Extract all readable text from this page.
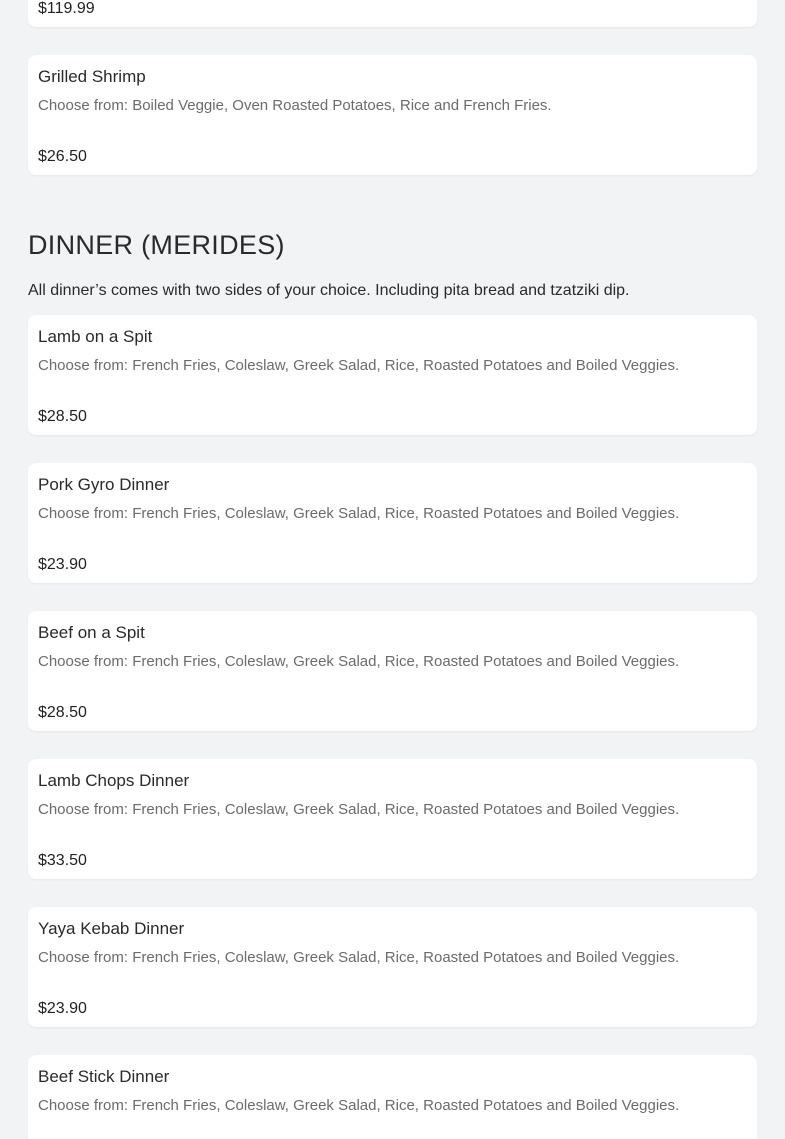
$119.99
Grilled Shrimp
Choose from: Boiled Veggie, Oven Roasted Potatoes, Rice and French Fries.
$26.50
DINNER (MERIDES)
All dinner’s comes with two sides of your choice. Including pita bread and tzatziki dip.
Lamb on a Spit
Choose from: French Fries, Coleslaw, Greek Salad, Rice, Roasted Potatoes and Boiled Veggies.
$28.50
Pork Gyro Dinner
Choose from: French Fries, Coleslaw, Greek Salad, Rice, Roasted Potatoes and Boiled Veggies.
$23.90
Beef on a Spit
Choose from: French Fries, Coleslaw, Greek Salad, Rice, Roasted Potatoes and Boiled Veggies.
$28.50
Lamb Chops Dinner
Choose from: French Fries, Coleslaw, Greek Salad, Rice, Roasted Potatoes and Boiled Veggies.
$33.50
Yaya Kebab Dinner
Choose from: French Fries, Coleslaw, Greek Salad, Rice, Roasted Potatoes and Boiled Veggies.
$23.90
Beef Stick Dinner
Choose from: French Fries, Coleslaw, Greek Salad, Rice, Roasted Potatoes and Boiled Veggies.
